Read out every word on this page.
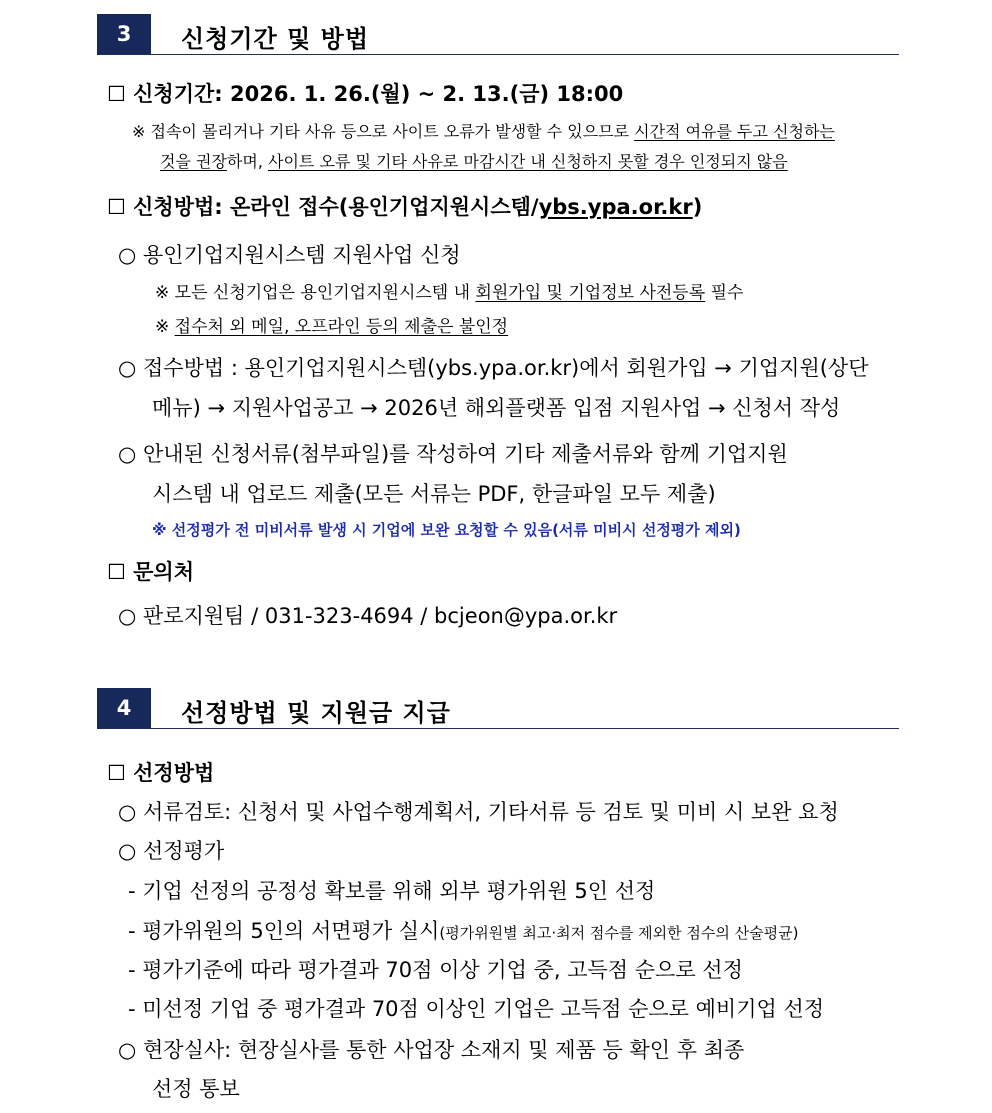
3	신청기간 및 방법
☐ 신청기간: 2026. 1. 26.(월) ~ 2. 13.(금) 18:00
※ 접속이 몰리거나 기타 사유 등으로 사이트 오류가 발생할 수 있으므로 시간적 여유를 두고 신청하는
것을 권장하며, 사이트 오류 및 기타 사유로 마감시간 내 신청하지 못할 경우 인정되지 않음
☐ 신청방법: 온라인 접수(용인기업지원시스템/ybs.ypa.or.kr)
○ 용인기업지원시스템 지원사업 신청
※ 모든 신청기업은 용인기업지원시스템 내 회원가입 및 기업정보 사전등록 필수
※ 접수처 외 메일, 오프라인 등의 제출은 불인정
○ 접수방법 : 용인기업지원시스템(ybs.ypa.or.kr)에서 회원가입 → 기업지원(상단
메뉴) → 지원사업공고 → 2026년 해외플랫폼 입점 지원사업 → 신청서 작성
○ 안내된 신청서류(첨부파일)를 작성하여 기타 제출서류와 함께 기업지원
시스템 내 업로드 제출(모든 서류는 PDF, 한글파일 모두 제출)
※ 선정평가 전 미비서류 발생 시 기업에 보완 요청할 수 있음(서류 미비시 선정평가 제외)
☐ 문의처
○ 판로지원팀 / 031-323-4694 / bcjeon@ypa.or.kr
4	선정방법 및 지원금 지급
☐ 선정방법
○ 서류검토: 신청서 및 사업수행계획서, 기타서류 등 검토 및 미비 시 보완 요청
○ 선정평가
- 기업 선정의 공정성 확보를 위해 외부 평가위원 5인 선정
- 평가위원의 5인의 서면평가 실시(평가위원별 최고·최저 점수를 제외한 점수의 산술평균)
- 평가기준에 따라 평가결과 70점 이상 기업 중, 고득점 순으로 선정
- 미선정 기업 중 평가결과 70점 이상인 기업은 고득점 순으로 예비기업 선정
○ 현장실사: 현장실사를 통한 사업장 소재지 및 제품 등 확인 후 최종
선정 통보
